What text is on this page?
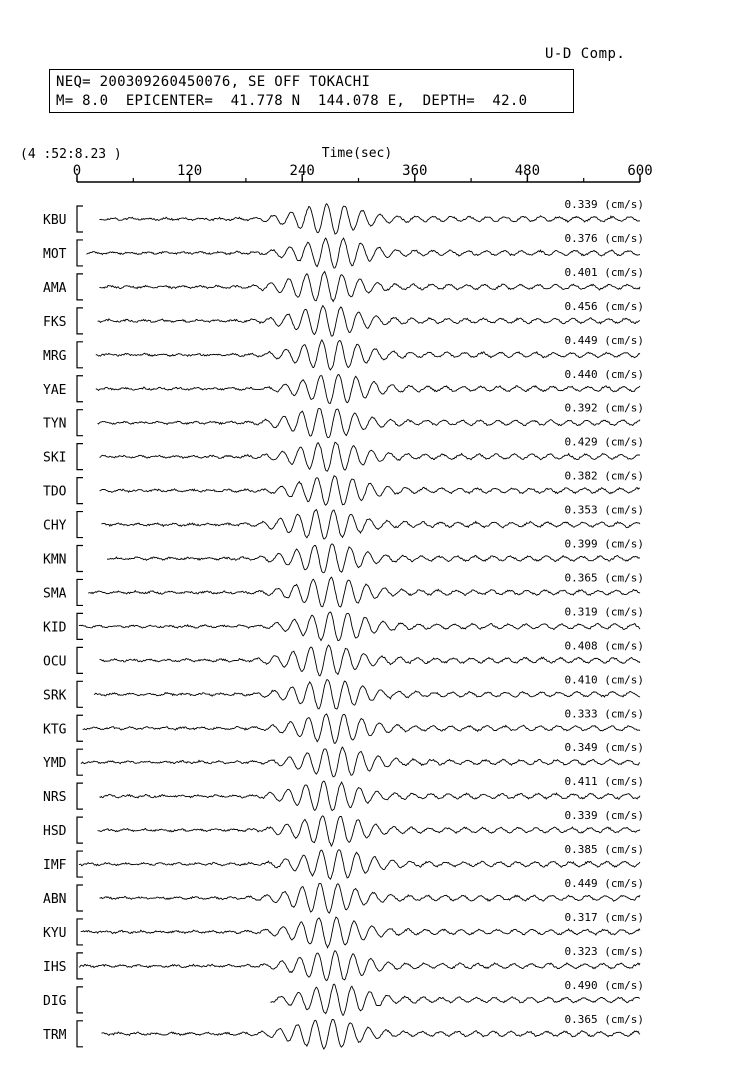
U-D Comp.
NEQ= 200309260450076, SE OFF TOKACHI
M= 8.0  EPICENTER=  41.778 N  144.078 E,  DEPTH=  42.0
(4 :52:8.23 )	Time(sec)
0	120	240	360	480	600
KBU
0.339 (cm/s)
MOT
0.376 (cm/s)
AMA
0.401 (cm/s)
FKS
0.456 (cm/s)
MRG
0.449 (cm/s)
YAE
0.440 (cm/s)
TYN
0.392 (cm/s)
SKI
0.429 (cm/s)
TDO
0.382 (cm/s)
CHY
0.353 (cm/s)
KMN
0.399 (cm/s)
SMA
0.365 (cm/s)
KID
0.319 (cm/s)
OCU
0.408 (cm/s)
SRK
0.410 (cm/s)
KTG
0.333 (cm/s)
YMD
0.349 (cm/s)
NRS
0.411 (cm/s)
HSD
0.339 (cm/s)
IMF
0.385 (cm/s)
ABN
0.449 (cm/s)
KYU
0.317 (cm/s)
IHS
0.323 (cm/s)
DIG
0.490 (cm/s)
TRM
0.365 (cm/s)
